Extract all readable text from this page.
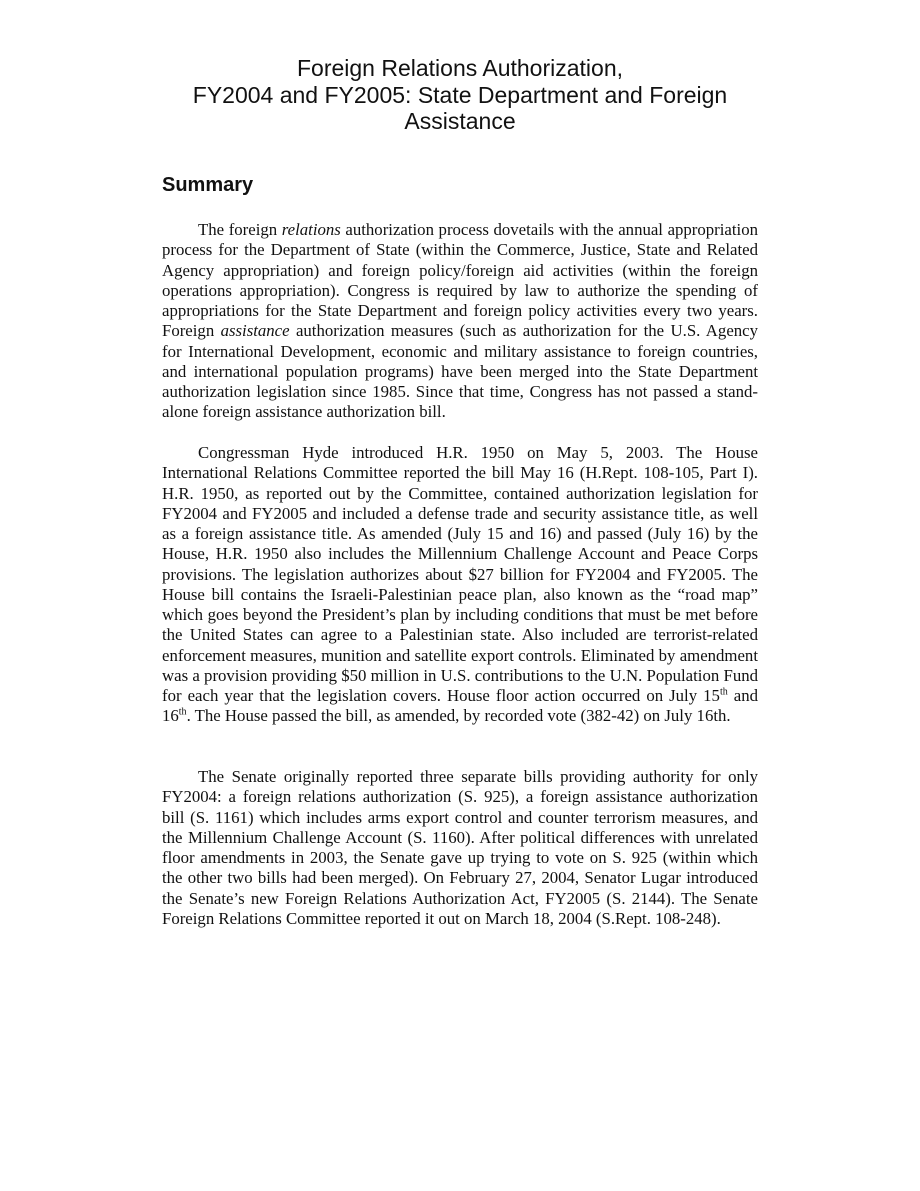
Foreign Relations Authorization,
FY2004 and FY2005: State Department and Foreign
Assistance
Summary

The foreign relations authorization process dovetails with the annual appropriation process for the Department of State (within the Commerce, Justice, State and Related Agency appropriation) and foreign policy/foreign aid activities (within the foreign operations appropriation). Congress is required by law to authorize the spending of appropriations for the State Department and foreign policy activities every two years. Foreign assistance authorization measures (such as authorization for the U.S. Agency for International Development, economic and military assistance to foreign countries, and international population programs) have been merged into the State Department authorization legislation since 1985. Since that time, Congress has not passed a stand-alone foreign assistance authorization bill.

Congressman Hyde introduced H.R. 1950 on May 5, 2003. The House International Relations Committee reported the bill May 16 (H.Rept. 108-105, Part I). H.R. 1950, as reported out by the Committee, contained authorization legislation for FY2004 and FY2005 and included a defense trade and security assistance title, as well as a foreign assistance title. As amended (July 15 and 16) and passed (July 16) by the House, H.R. 1950 also includes the Millennium Challenge Account and Peace Corps provisions. The legislation authorizes about $27 billion for FY2004 and FY2005. The House bill contains the Israeli-Palestinian peace plan, also known as the “road map” which goes beyond the President’s plan by including conditions that must be met before the United States can agree to a Palestinian state. Also included are terrorist-related enforcement measures, munition and satellite export controls. Eliminated by amendment was a provision providing $50 million in U.S. contributions to the U.N. Population Fund for each year that the legislation covers. House floor action occurred on July 15th and 16th. The House passed the bill, as amended, by recorded vote (382-42) on July 16th.

The Senate originally reported three separate bills providing authority for only FY2004: a foreign relations authorization (S. 925), a foreign assistance authorization bill (S. 1161) which includes arms export control and counter terrorism measures, and the Millennium Challenge Account (S. 1160). After political differences with unrelated floor amendments in 2003, the Senate gave up trying to vote on S. 925 (within which the other two bills had been merged). On February 27, 2004, Senator Lugar introduced the Senate’s new Foreign Relations Authorization Act, FY2005 (S. 2144). The Senate Foreign Relations Committee reported it out on March 18, 2004 (S.Rept. 108-248).
